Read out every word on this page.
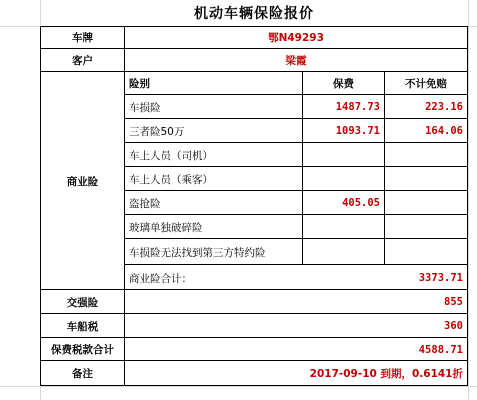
机动车辆保险报价
车牌	鄂N49293
客户	梁霞
商业险
险别	保费	不计免赔
车损险	1487.73	223.16
三者险50万	1093.71	164.06
车上人员（司机）
车上人员（乘客）
盗抢险	405.05
玻璃单独破碎险
车损险无法找到第三方特约险
商业险合计：	3373.71
交强险	855
车船税	360
保费税款合计	4588.71
备注	2017-09-10 到期，0.6141折
